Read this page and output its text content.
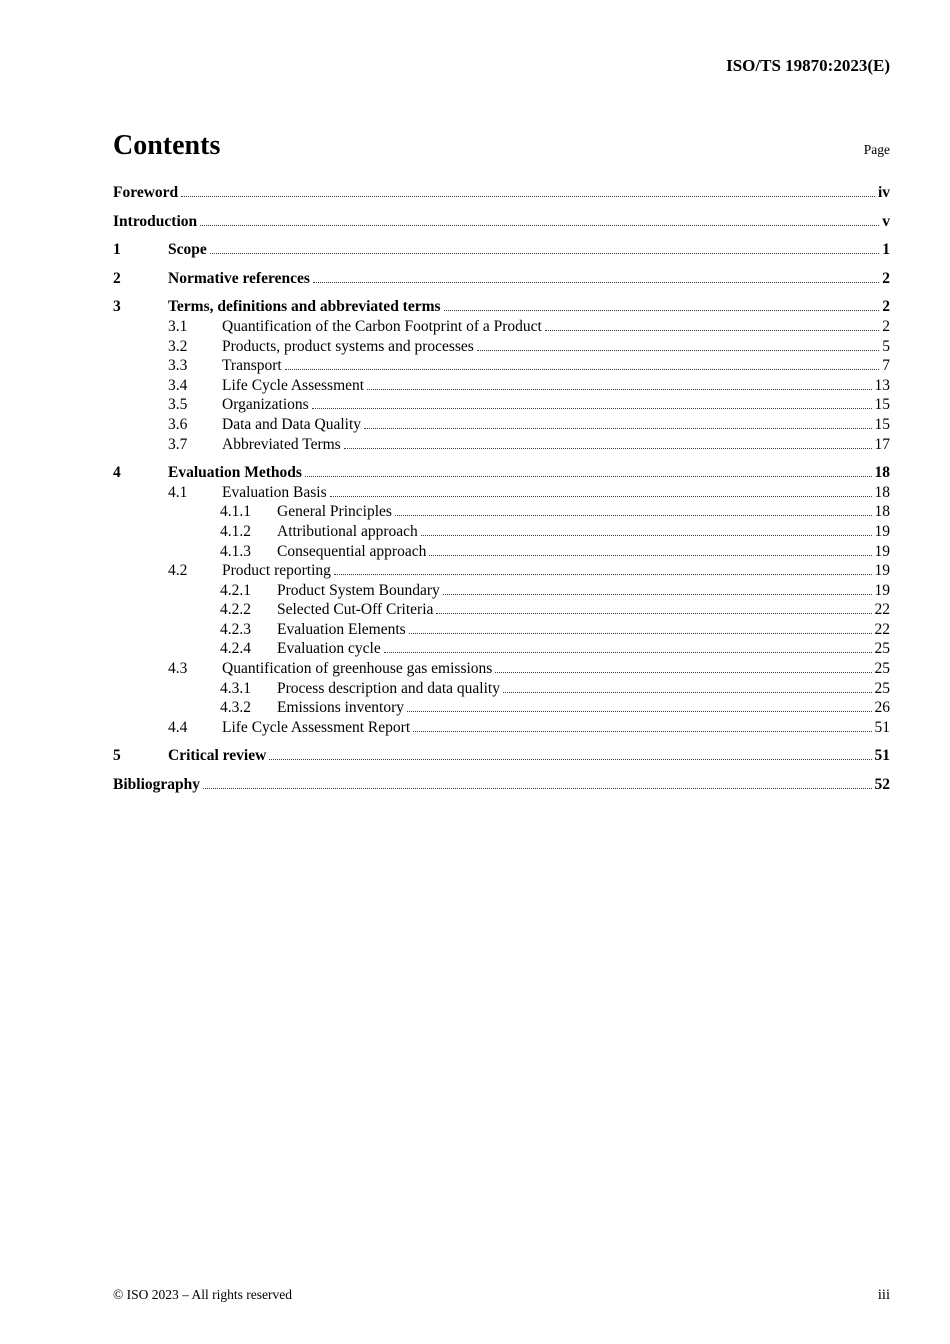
ISO/TS 19870:2023(E)
Contents	Page
Foreword	iv
Introduction	v
1	Scope	1
2	Normative references	2
3	Terms, definitions and abbreviated terms	2
3.1	Quantification of the Carbon Footprint of a Product	2
3.2	Products, product systems and processes	5
3.3	Transport	7
3.4	Life Cycle Assessment	13
3.5	Organizations	15
3.6	Data and Data Quality	15
3.7	Abbreviated Terms	17
4	Evaluation Methods	18
4.1	Evaluation Basis	18
4.1.1	General Principles	18
4.1.2	Attributional approach	19
4.1.3	Consequential approach	19
4.2	Product reporting	19
4.2.1	Product System Boundary	19
4.2.2	Selected Cut-Off Criteria	22
4.2.3	Evaluation Elements	22
4.2.4	Evaluation cycle	25
4.3	Quantification of greenhouse gas emissions	25
4.3.1	Process description and data quality	25
4.3.2	Emissions inventory	26
4.4	Life Cycle Assessment Report	51
5	Critical review	51
Bibliography	52
© ISO 2023 – All rights reserved	iii
